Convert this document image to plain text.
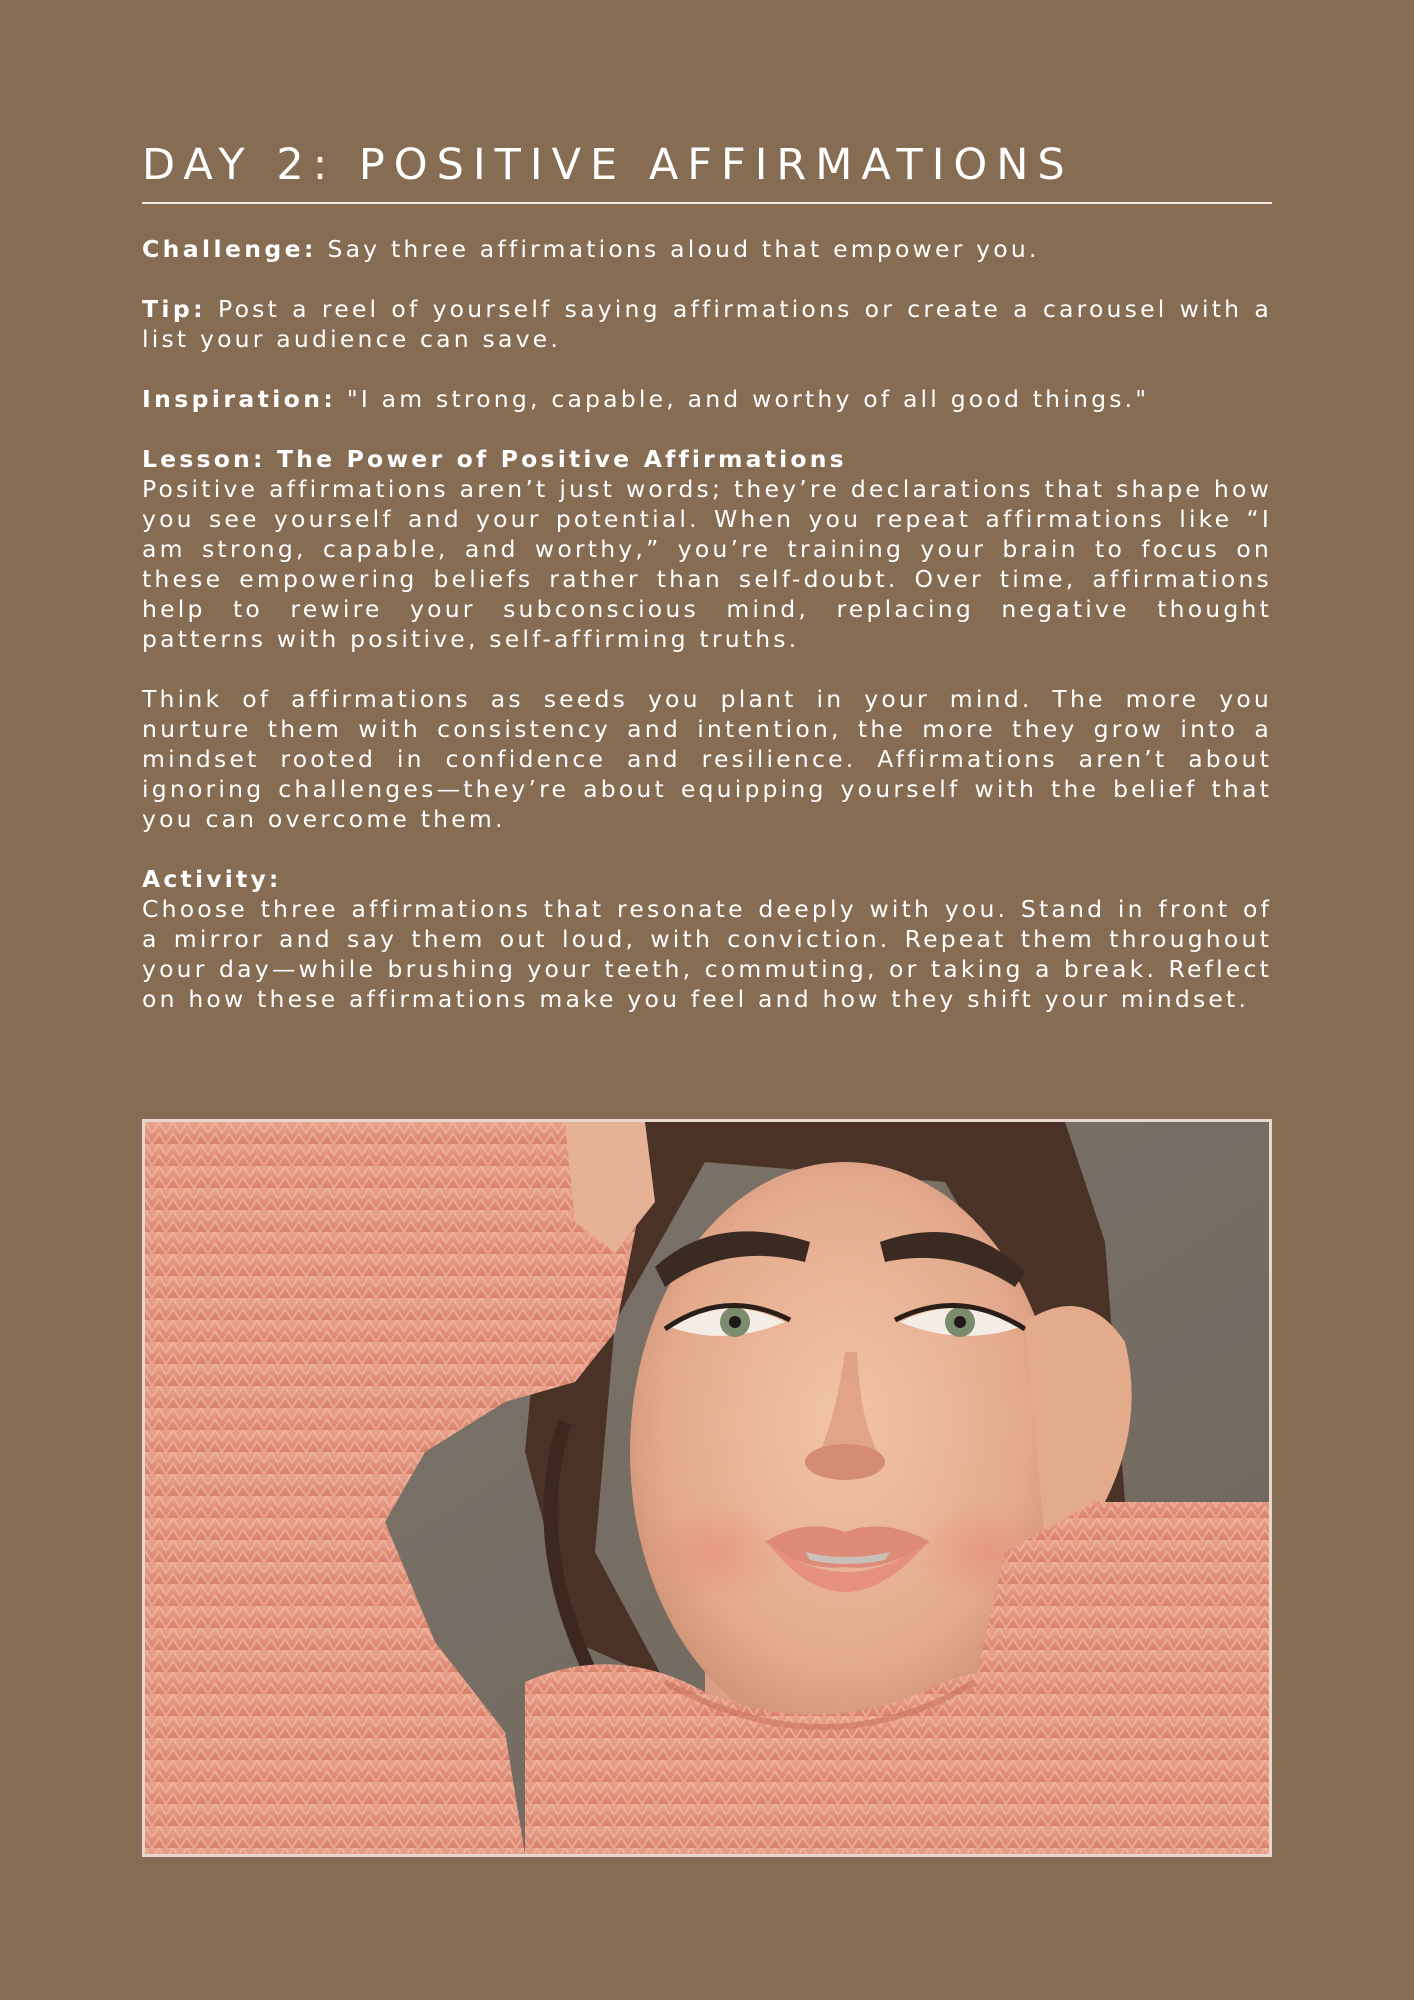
DAY 2: POSITIVE AFFIRMATIONS
Challenge: Say three affirmations aloud that empower you.
Tip: Post a reel of yourself saying affirmations or create a carousel with a list your audience can save.
Inspiration: "I am strong, capable, and worthy of all good things."
Lesson: The Power of Positive Affirmations
Positive affirmations aren’t just words; they’re declarations that shape how you see yourself and your potential. When you repeat affirmations like “I am strong, capable, and worthy,” you’re training your brain to focus on these empowering beliefs rather than self-doubt. Over time, affirmations help to rewire your subconscious mind, replacing negative thought patterns with positive, self-affirming truths.
Think of affirmations as seeds you plant in your mind. The more you nurture them with consistency and intention, the more they grow into a mindset rooted in confidence and resilience. Affirmations aren’t about ignoring challenges—they’re about equipping yourself with the belief that you can overcome them.
Activity:
Choose three affirmations that resonate deeply with you. Stand in front of a mirror and say them out loud, with conviction. Repeat them throughout your day—while brushing your teeth, commuting, or taking a break. Reflect on how these affirmations make you feel and how they shift your mindset.
